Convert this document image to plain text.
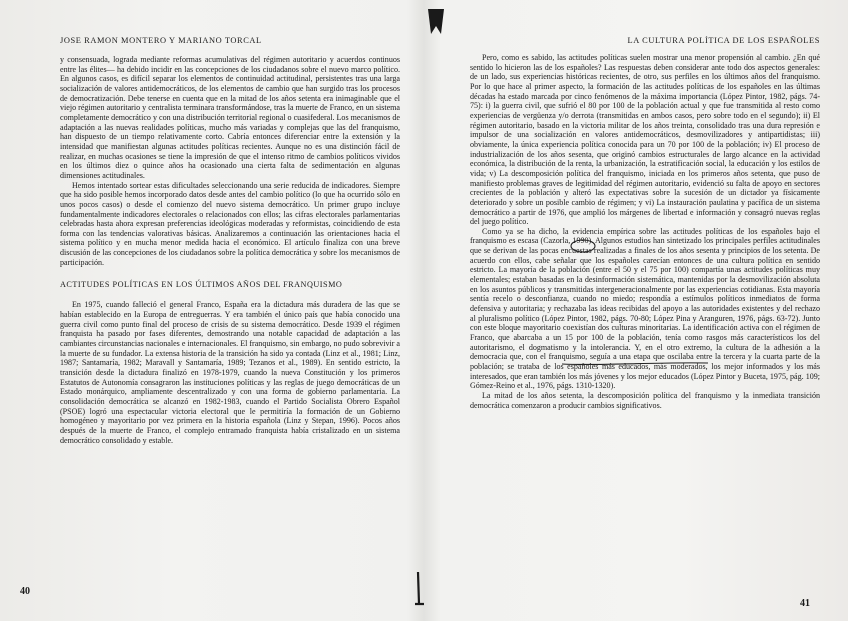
JOSE RAMON MONTERO Y MARIANO TORCAL

y consensuada, lograda mediante reformas acumulativas del régimen autoritario y acuerdos continuos entre las élites— ha debido incidir en las concepciones de los ciudadanos sobre el nuevo marco político. En algunos casos, es difícil separar los elementos de continuidad actitudinal, persistentes tras una larga socialización de valores antidemocráticos, de los elementos de cambio que han surgido tras los procesos de democratización. Debe tenerse en cuenta que en la mitad de los años setenta era inimaginable que el viejo régimen autoritario y centralista terminara transformándose, tras la muerte de Franco, en un sistema completamente democrático y con una distribución territorial regional o cuasifederal. Los mecanismos de adaptación a las nuevas realidades políticas, mucho más variadas y complejas que las del franquismo, han dispuesto de un tiempo relativamente corto. Cabría entonces diferenciar entre la extensión y la intensidad que manifiestan algunas actitudes políticas recientes. Aunque no es una distinción fácil de realizar, en muchas ocasiones se tiene la impresión de que el intenso ritmo de cambios políticos vividos en los últimos diez o quince años ha ocasionado una cierta falta de sedimentación en algunas dimensiones actitudinales.

Hemos intentado sortear estas dificultades seleccionando una serie reducida de indicadores. Siempre que ha sido posible hemos incorporado datos desde antes del cambio político (lo que ha ocurrido sólo en unos pocos casos) o desde el comienzo del nuevo sistema democrático. Un primer grupo incluye fundamentalmente indicadores electorales o relacionados con ellos; las cifras electorales parlamentarias celebradas hasta ahora expresan preferencias ideológicas moderadas y reformistas, coincidiendo de esta forma con las tendencias valorativas básicas. Analizaremos a continuación las orientaciones hacia el sistema político y en mucha menor medida hacia el económico. El artículo finaliza con una breve discusión de las concepciones de los ciudadanos sobre la política democrática y sobre los mecanismos de participación.

ACTITUDES POLÍTICAS EN LOS ÚLTIMOS AÑOS DEL FRANQUISMO

En 1975, cuando falleció el general Franco, España era la dictadura más duradera de las que se habían establecido en la Europa de entreguerras. Y era también el único país que había conocido una guerra civil como punto final del proceso de crisis de su sistema democrático. Desde 1939 el régimen franquista ha pasado por fases diferentes, demostrando una notable capacidad de adaptación a las cambiantes circunstancias nacionales e internacionales. El franquismo, sin embargo, no pudo sobrevivir a la muerte de su fundador. La extensa historia de la transición ha sido ya contada (Linz et al., 1981; Linz, 1987; Santamaría, 1982; Maravall y Santamaría, 1989; Tezanos et al., 1989). En sentido estricto, la transición desde la dictadura finalizó en 1978-1979, cuando la nueva Constitución y los primeros Estatutos de Autonomía consagraron las instituciones políticas y las reglas de juego democráticas de un Estado monárquico, ampliamente descentralizado y con una forma de gobierno parlamentaria. La consolidación democrática se alcanzó en 1982-1983, cuando el Partido Socialista Obrero Español (PSOE) logró una espectacular victoria electoral que le permitiría la formación de un Gobierno homogéneo y mayoritario por vez primera en la historia española (Linz y Stepan, 1996). Pocos años después de la muerte de Franco, el complejo entramado franquista había cristalizado en un sistema democrático consolidado y estable.

LA CULTURA POLÍTICA DE LOS ESPAÑOLES

Pero, como es sabido, las actitudes políticas suelen mostrar una menor propensión al cambio. ¿En qué sentido lo hicieron las de los españoles? Las respuestas deben considerar ante todo dos aspectos generales: de un lado, sus experiencias históricas recientes, de otro, sus perfiles en los últimos años del franquismo. Por lo que hace al primer aspecto, la formación de las actitudes políticas de los españoles en las últimas décadas ha estado marcada por cinco fenómenos de la máxima importancia (López Pintor, 1982, págs. 74-75): i) la guerra civil, que sufrió el 80 por 100 de la población actual y que fue transmitida al resto como experiencias de vergüenza y/o derrota (transmitidas en ambos casos, pero sobre todo en el segundo); ii) El régimen autoritario, basado en la victoria militar de los años treinta, consolidado tras una dura represión e impulsor de una socialización en valores antidemocráticos, desmovilizadores y antipartidistas; iii) obviamente, la única experiencia política conocida para un 70 por 100 de la población; iv) El proceso de industrialización de los años sesenta, que originó cambios estructurales de largo alcance en la actividad económica, la distribución de la renta, la urbanización, la estratificación social, la educación y los estilos de vida; v) La descomposición política del franquismo, iniciada en los primeros años setenta, que puso de manifiesto problemas graves de legitimidad del régimen autoritario, evidenció su falta de apoyo en sectores crecientes de la población y alteró las expectativas sobre la sucesión de un dictador ya físicamente deteriorado y sobre un posible cambio de régimen; y vi) La instauración paulatina y pacífica de un sistema democrático a partir de 1976, que amplió los márgenes de libertad e información y consagró nuevas reglas del juego político.

Como ya se ha dicho, la evidencia empírica sobre las actitudes políticas de los españoles bajo el franquismo es escasa (Cazorla, 1990). Algunos estudios han sintetizado los principales perfiles actitudinales que se derivan de las pocas encuestas realizadas a finales de los años sesenta y principios de los setenta. De acuerdo con ellos, cabe señalar que los españoles carecían entonces de una cultura política en sentido estricto. La mayoría de la población (entre el 50 y el 75 por 100) compartía unas actitudes políticas muy elementales; estaban basadas en la desinformación sistemática, mantenidas por la desmovilización absoluta en los asuntos públicos y transmitidas intergeneracionalmente por las experiencias cotidianas. Esta mayoría sentía recelo o desconfianza, cuando no miedo; respondía a estímulos políticos inmediatos de forma defensiva y autoritaria; y rechazaba las ideas recibidas del apoyo a las autoridades existentes y del rechazo al pluralismo político (López Pintor, 1982, págs. 70-80; López Pina y Aranguren, 1976, págs. 63-72). Junto con este bloque mayoritario coexistían dos culturas minoritarias. La identificación activa con el régimen de Franco, que abarcaba a un 15 por 100 de la población, tenía como rasgos más característicos los del autoritarismo, el dogmatismo y la intolerancia. Y, en el otro extremo, la cultura de la adhesión a la democracia que, con el franquismo, seguía a una etapa que oscilaba entre la tercera y la cuarta parte de la población; se trataba de los españoles más educados, más moderados, los mejor informados y los más interesados, que eran también los más jóvenes y los mejor educados (López Pintor y Buceta, 1975, pág. 109; Gómez-Reino et al., 1976, págs. 1310-1320).

La mitad de los años setenta, la descomposición política del franquismo y la inmediata transición democrática comenzaron a producir cambios significativos.

40
41
